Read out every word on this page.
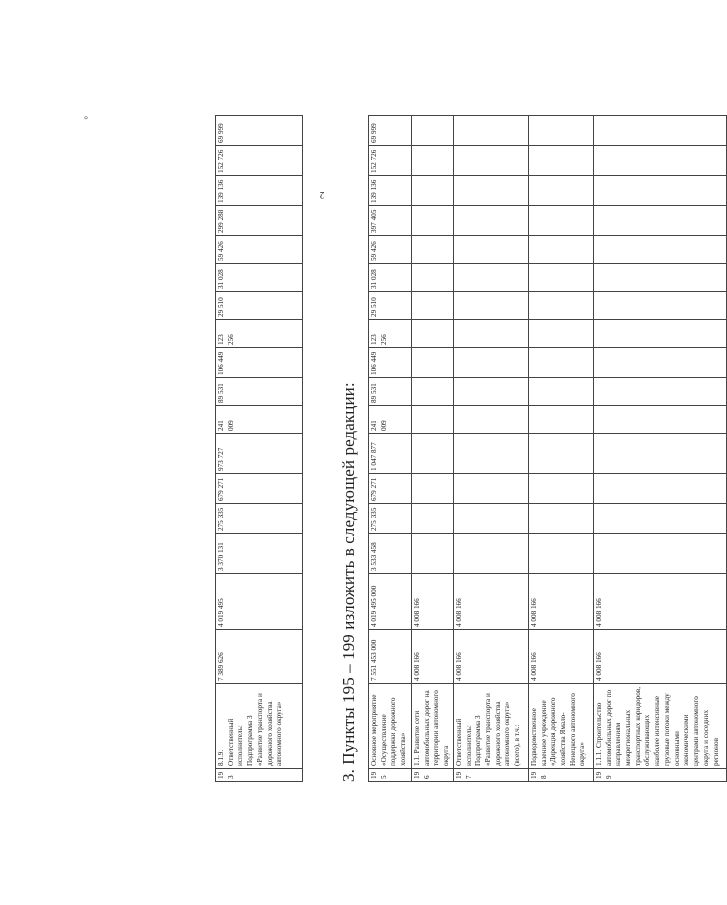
2
°
193	8.1.9. Ответственный исполнитель: Подпрограмма 3 «Развитие транспорта и дорожного хозяйства автономного округа»	7 389 626	4 019 495	3 370 131	275 335	679 271	973 727	241 009	89 531	106 449	123 256	29 510	31 028	59 426	299 288	139 136	152 726	69 999
3. Пункты 195 – 199 изложить в следующей редакции: 195	Основное мероприятие «Осуществление поддержки дорожного хозяйства»	7 551 453 000	4 019 495 000	3 533 458	275 335	679 271	1 047 877	241 009	89 531	106 449	123 256	29 510	31 028	59 426	397 405	139 136	152 726	69 999
196	1.1. Развитие сети автомобильных дорог на территории автономного округа	4 008 166	4 008 166															
197	Ответственный исполнитель: Подпрограмма 3 «Развитие транспорта и дорожного хозяйства автономного округа» (всего), в т.ч.:	4 008 166	4 008 166															
198	Подведомственное казенное учреждение «Дирекция дорожного хозяйства Ямало-Ненецкого автономного округа»	4 008 166	4 008 166															
199	1.1.1. Строительство автомобильных дорог по направлениям межрегиональных транспортных коридоров, обслуживающих наиболее интенсивные грузовые потоки между основными экономическими центрами автономного округа и соседних регионов	4 008 166	4 008 166															
